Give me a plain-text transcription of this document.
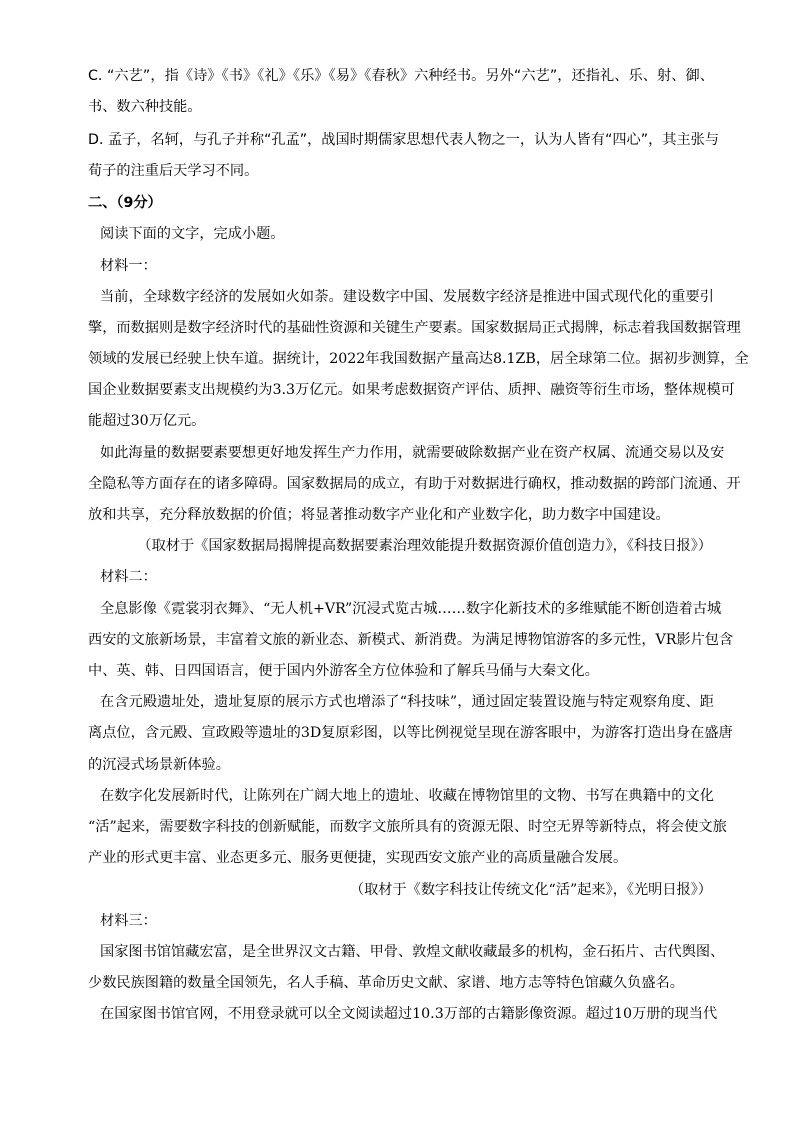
C. “六艺”，指《诗》《书》《礼》《乐》《易》《春秋》六种经书。另外“六艺”，还指礼、乐、射、御、
书、数六种技能。
D. 孟子，名轲，与孔子并称“孔孟”，战国时期儒家思想代表人物之一，认为人皆有“四心”，其主张与
荀子的注重后天学习不同。
二、（9分）
阅读下面的文字，完成小题。
材料一：
当前，全球数字经济的发展如火如荼。建设数字中国、发展数字经济是推进中国式现代化的重要引
擎，而数据则是数字经济时代的基础性资源和关键生产要素。国家数据局正式揭牌，标志着我国数据管理
领域的发展已经驶上快车道。据统计，2022年我国数据产量高达8.1ZB，居全球第二位。据初步测算，全
国企业数据要素支出规模约为3.3万亿元。如果考虑数据资产评估、质押、融资等衍生市场，整体规模可
能超过30万亿元。
如此海量的数据要素要想更好地发挥生产力作用，就需要破除数据产业在资产权属、流通交易以及安
全隐私等方面存在的诸多障碍。国家数据局的成立，有助于对数据进行确权，推动数据的跨部门流通、开
放和共享，充分释放数据的价值；将显著推动数字产业化和产业数字化，助力数字中国建设。
（取材于《国家数据局揭牌提高数据要素治理效能提升数据资源价值创造力》，《科技日报》）
材料二：
全息影像《霓裳羽衣舞》、“无人机+VR”沉浸式览古城……数字化新技术的多维赋能不断创造着古城
西安的文旅新场景，丰富着文旅的新业态、新模式、新消费。为满足博物馆游客的多元性，VR影片包含
中、英、韩、日四国语言，便于国内外游客全方位体验和了解兵马俑与大秦文化。
在含元殿遗址处，遗址复原的展示方式也增添了“科技味”，通过固定装置设施与特定观察角度、距
离点位，含元殿、宣政殿等遗址的3D复原彩图，以等比例视觉呈现在游客眼中，为游客打造出身在盛唐
的沉浸式场景新体验。
在数字化发展新时代，让陈列在广阔大地上的遗址、收藏在博物馆里的文物、书写在典籍中的文化
“活”起来，需要数字科技的创新赋能，而数字文旅所具有的资源无限、时空无界等新特点，将会使文旅
产业的形式更丰富、业态更多元、服务更便捷，实现西安文旅产业的高质量融合发展。
（取材于《数字科技让传统文化“活”起来》，《光明日报》）
材料三：
国家图书馆馆藏宏富，是全世界汉文古籍、甲骨、敦煌文献收藏最多的机构，金石拓片、古代舆图、
少数民族图籍的数量全国领先，名人手稿、革命历史文献、家谱、地方志等特色馆藏久负盛名。
在国家图书馆官网，不用登录就可以全文阅读超过10.3万部的古籍影像资源。超过10万册的现当代
